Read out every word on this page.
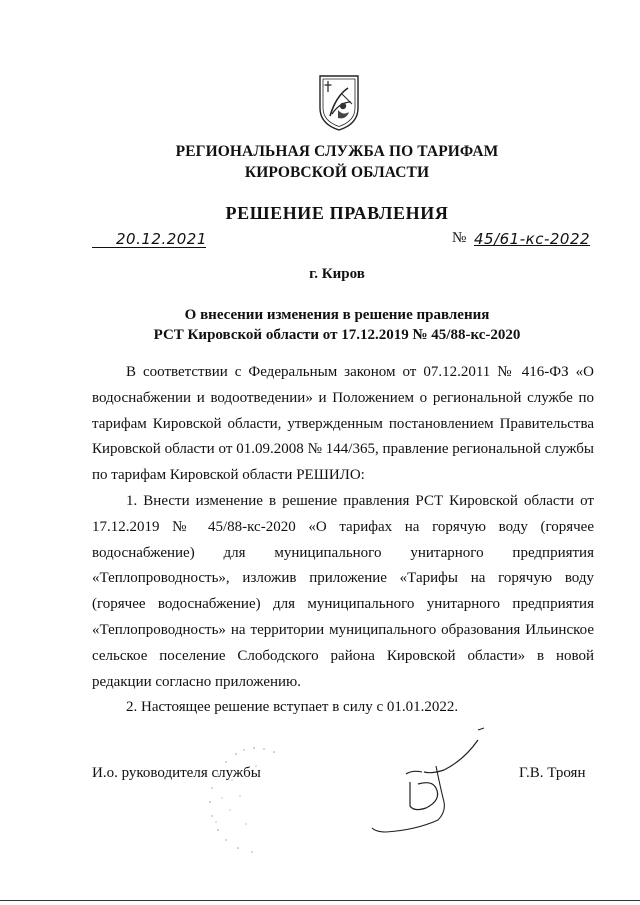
РЕГИОНАЛЬНАЯ СЛУЖБА ПО ТАРИФАМ
КИРОВСКОЙ ОБЛАСТИ
РЕШЕНИЕ ПРАВЛЕНИЯ
20.12.2021	№ 45/61-кс-2022
г. Киров
О внесении изменения в решение правления
РСТ Кировской области от 17.12.2019 № 45/88-кс-2020

В соответствии с Федеральным законом от 07.12.2011 № 416-ФЗ «О водоснабжении и водоотведении» и Положением о региональной службе по тарифам Кировской области, утвержденным постановлением Правительства Кировской области от 01.09.2008 № 144/365, правление региональной службы по тарифам Кировской области РЕШИЛО:

1. Внести изменение в решение правления РСТ Кировской области от 17.12.2019 № 45/88-кс-2020 «О тарифах на горячую воду (горячее водоснабжение) для муниципального унитарного предприятия «Теплопроводность», изложив приложение «Тарифы на горячую воду (горячее водоснабжение) для муниципального унитарного предприятия «Теплопроводность» на территории муниципального образования Ильинское сельское поселение Слободского района Кировской области» в новой редакции согласно приложению.

2. Настоящее решение вступает в силу с 01.01.2022.

И.о. руководителя службы	Г.В. Троян
